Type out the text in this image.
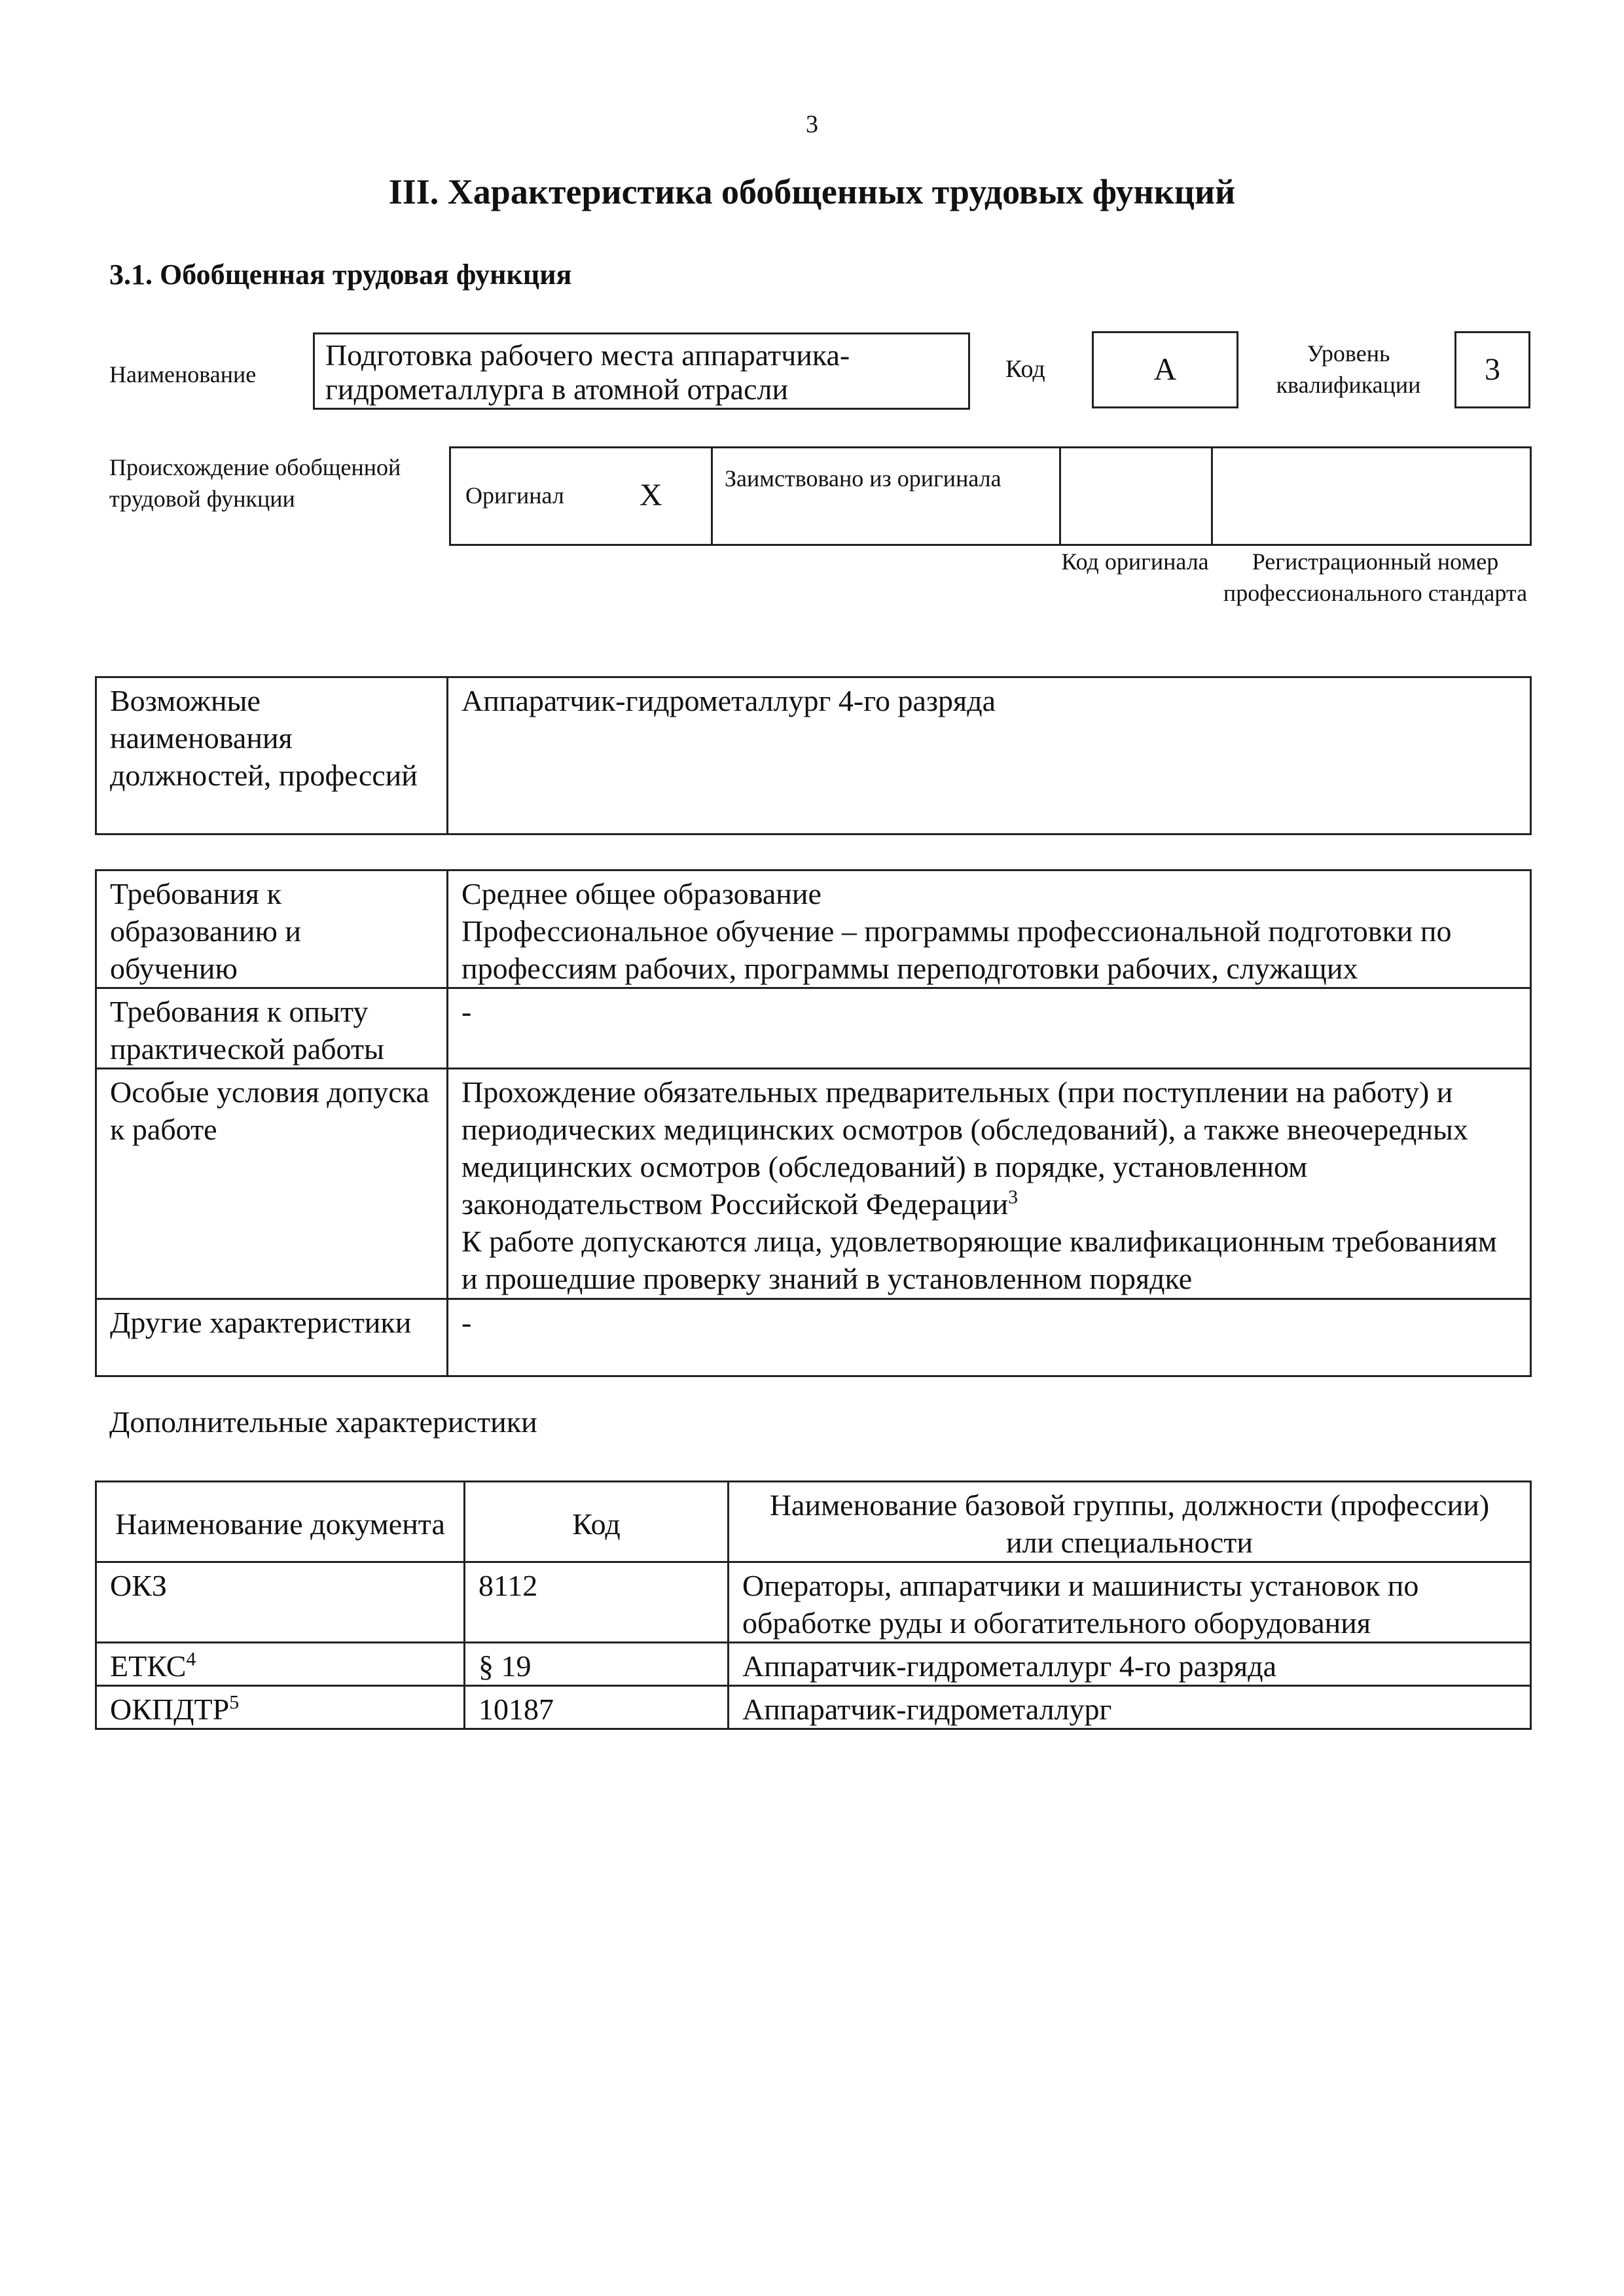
3
III. Характеристика обобщенных трудовых функций
3.1. Обобщенная трудовая функция
Наименование
Подготовка рабочего места аппаратчика-гидрометаллурга в атомной отрасли
Код	А	Уровень квалификации	3
Происхождение обобщенной трудовой функции	Оригинал Х	Заимствовано из оригинала
Код оригинала	Регистрационный номер профессионального стандарта
Возможные наименования должностей, профессий	Аппаратчик-гидрометаллург 4-го разряда
Требования к образованию и обучению	Среднее общее образование
Профессиональное обучение – программы профессиональной подготовки по профессиям рабочих, программы переподготовки рабочих, служащих

Требования к опыту практической работы	-
Особые условия допуска к работе	Прохождение обязательных предварительных (при поступлении на работу) и периодических медицинских осмотров (обследований), а также внеочередных медицинских осмотров (обследований) в порядке, установленном законодательством Российской Федерации$^3$
К работе допускаются лица, удовлетворяющие квалификационным требованиям и прошедшие проверку знаний в установленном порядке

Другие характеристики	-
Дополнительные характеристики
Наименование документа	Код	Наименование базовой группы, должности (профессии) или специальности
ОКЗ	8112	Операторы, аппаратчики и машинисты установок по обработке руды и обогатительного оборудования
ЕТКС$^4$	§ 19	Аппаратчик-гидрометаллург 4-го разряда
ОКПДТР$^5$	10187	Аппаратчик-гидрометаллург
